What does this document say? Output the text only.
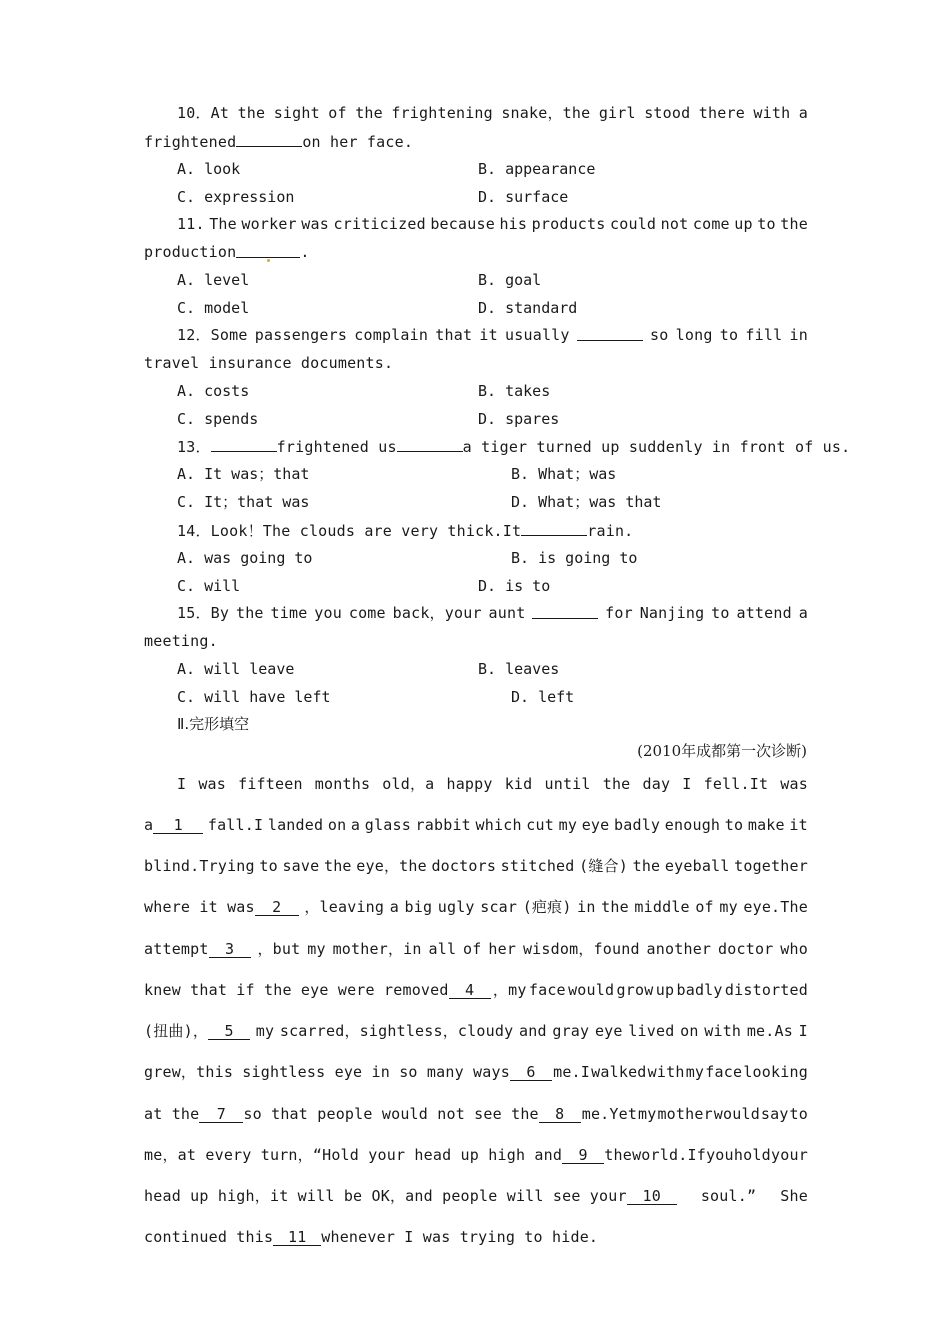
10．At the sight of the frightening snake，the girl stood there with a
frightened	on her face.
A. look	B. appearance
C. expression	D. surface
11. The worker was criticized because his products could not come up to the
production	.
A. level	B. goal
C. model	D. standard
12．Some passengers complain that it usually	so long to fill in
travel insurance documents.
A. costs	B. takes
C. spends	D. spares
13．	frightened us	a tiger turned up suddenly in front of us.
A. It was；that	B. What；was
C. It；that was	D. What；was that
14．Look！The clouds are very thick.It	rain.
A. was going to	B. is going to
C. will	D. is to
15．By the time you come back，your aunt	for Nanjing to attend a
meeting.
A. will leave	B. leaves
C. will have left	D. left
Ⅱ.完形填空
(2010年成都第一次诊断)
I was fifteen months old，a happy kid until the day I fell.It was
a 1	fall.I landed on a glass rabbit which cut my eye badly enough to make it
blind.Trying to save the eye，the doctors stitched (缝合) the eyeball together
where it was 2	，leaving a big ugly scar (疤痕) in the middle of my eye.The
attempt 3	，but my mother，in all of her wisdom，found another doctor who
knew that if the eye were removed 4	，my face would grow up badly distorted
(扭曲)， 5	my scarred，sightless，cloudy and gray eye lived on with me.As I
grew，this sightless eye in so many ways 6	me.I walked with my face looking
at the 7 so that people would not see the 8	me.Yet my mother would say to
me，at every turn，“Hold your head up high and 9	the world.If you hold your
head up high，it will be OK，and people will see your 10	soul.” She
continued this 11 whenever I was trying to hide.
